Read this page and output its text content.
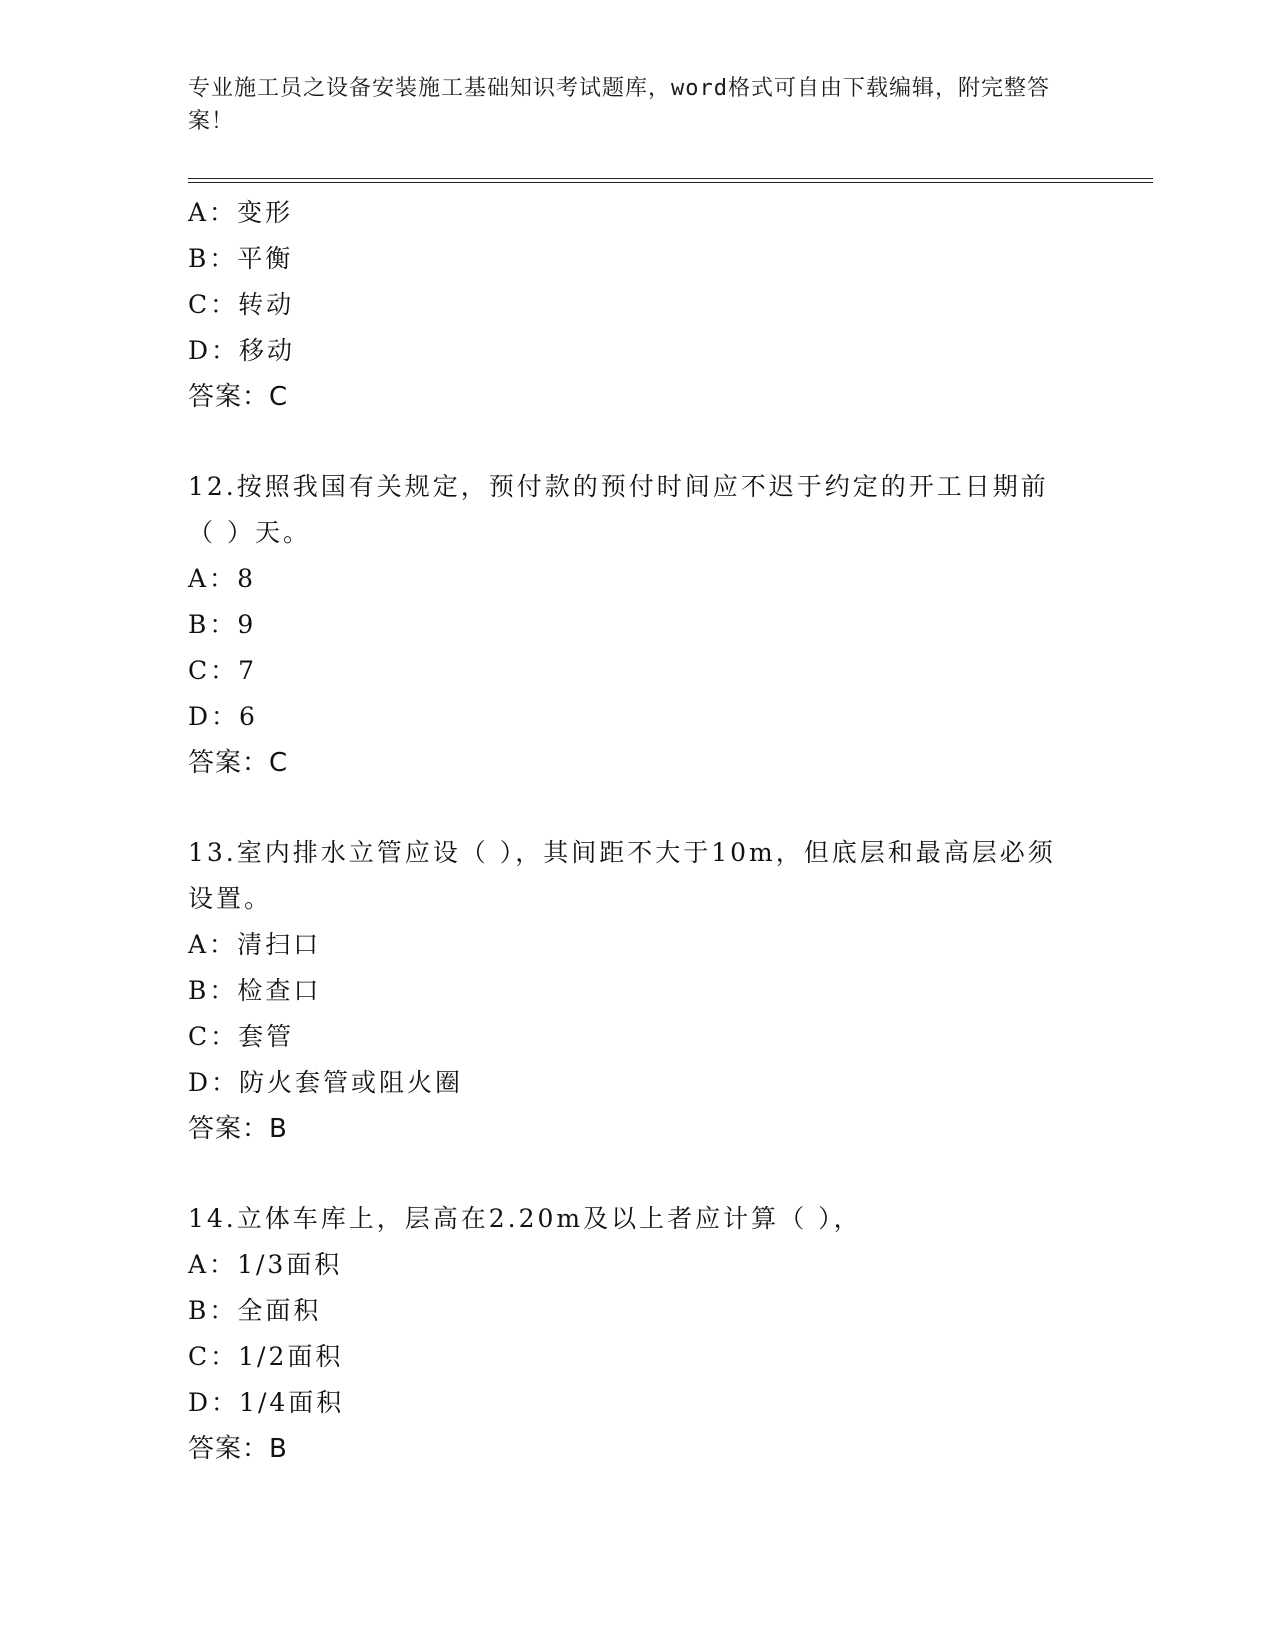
专业施工员之设备安装施工基础知识考试题库，word格式可自由下载编辑，附完整答案！
A：变形
B：平衡
C：转动
D：移动
答案：C
12.按照我国有关规定，预付款的预付时间应不迟于约定的开工日期前
（ ）天。
A：8
B：9
C：7
D：6
答案：C
13.室内排水立管应设（ ），其间距不大于10m，但底层和最高层必须
设置。
A：清扫口
B：检查口
C：套管
D：防火套管或阻火圈
答案：B
14.立体车库上，层高在2.20m及以上者应计算（ ），
A：1/3面积
B：全面积
C：1/2面积
D：1/4面积
答案：B
